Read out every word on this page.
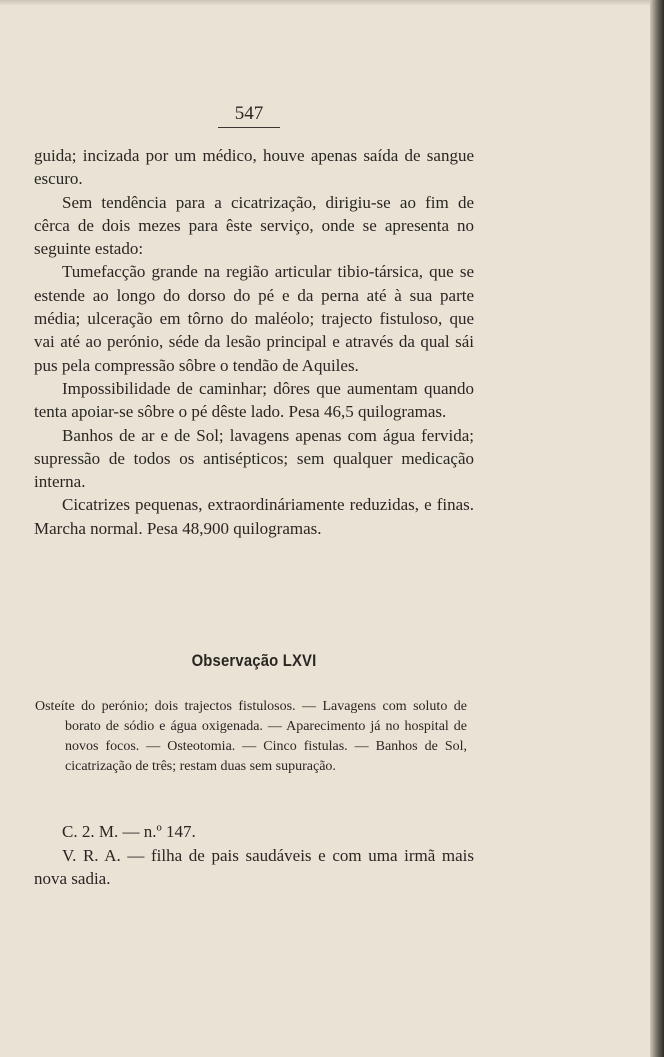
547

guida; incizada por um médico, houve apenas saída de sangue escuro.

Sem tendência para a cicatrização, dirigiu-se ao fim de cêrca de dois mezes para êste serviço, onde se apresenta no seguinte estado:

Tumefacção grande na região articular tibio-társica, que se estende ao longo do dorso do pé e da perna até à sua parte média; ulceração em tôrno do maléolo; trajecto fistuloso, que vai até ao perónio, séde da lesão principal e através da qual sái pus pela compressão sôbre o tendão de Aquiles.

Impossibilidade de caminhar; dôres que aumentam quando tenta apoiar-se sôbre o pé dêste lado. Pesa 46,5 quilogramas.

Banhos de ar e de Sol; lavagens apenas com água fervida; supressão de todos os antisépticos; sem qualquer medicação interna.

Cicatrizes pequenas, extraordináriamente reduzidas, e finas. Marcha normal. Pesa 48,900 quilogramas.

Observação LXVI

Osteíte do perónio; dois trajectos fistulosos. — Lavagens com soluto de borato de sódio e água oxigenada. — Aparecimento já no hospital de novos focos. — Osteotomia. — Cinco fistulas. — Banhos de Sol, cicatrização de três; restam duas sem supuração.

C. 2. M. — n.º 147.

V. R. A. — filha de pais saudáveis e com uma irmã mais nova sadia.
